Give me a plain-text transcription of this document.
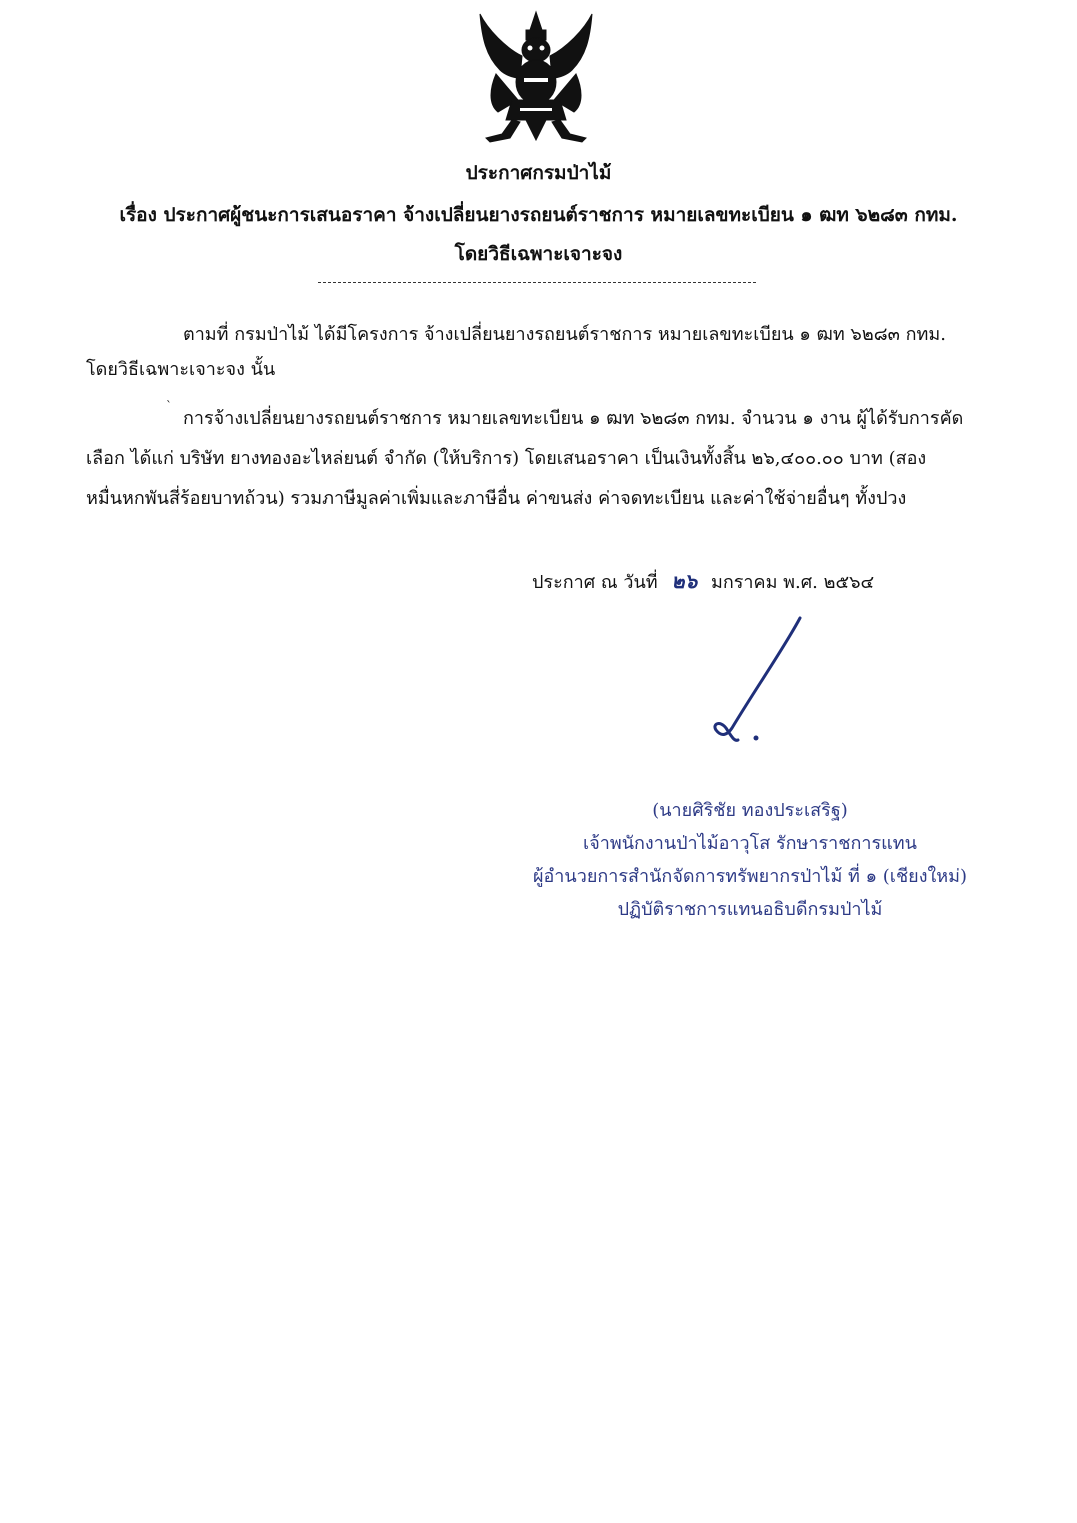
ประกาศกรมป่าไม้
เรื่อง ประกาศผู้ชนะการเสนอราคา จ้างเปลี่ยนยางรถยนต์ราชการ หมายเลขทะเบียน ๑ ฒท ๖๒๘๓ กทม.
โดยวิธีเฉพาะเจาะจง
ตามที่ กรมป่าไม้ ได้มีโครงการ จ้างเปลี่ยนยางรถยนต์ราชการ หมายเลขทะเบียน ๑ ฒท ๖๒๘๓ กทม.
โดยวิธีเฉพาะเจาะจง นั้น
ˋ
การจ้างเปลี่ยนยางรถยนต์ราชการ หมายเลขทะเบียน ๑ ฒท ๖๒๘๓ กทม. จำนวน ๑ งาน ผู้ได้รับการคัด
เลือก ได้แก่ บริษัท ยางทองอะไหล่ยนต์ จำกัด (ให้บริการ) โดยเสนอราคา เป็นเงินทั้งสิ้น ๒๖,๔๐๐.๐๐ บาท (สอง
หมื่นหกพันสี่ร้อยบาทถ้วน) รวมภาษีมูลค่าเพิ่มและภาษีอื่น ค่าขนส่ง ค่าจดทะเบียน และค่าใช้จ่ายอื่นๆ ทั้งปวง
ประกาศ ณ วันที่ ๒๖ มกราคม พ.ศ. ๒๕๖๔
(นายศิริชัย ทองประเสริฐ)
เจ้าพนักงานป่าไม้อาวุโส รักษาราชการแทน
ผู้อำนวยการสำนักจัดการทรัพยากรป่าไม้ ที่ ๑ (เชียงใหม่)
ปฏิบัติราชการแทนอธิบดีกรมป่าไม้
